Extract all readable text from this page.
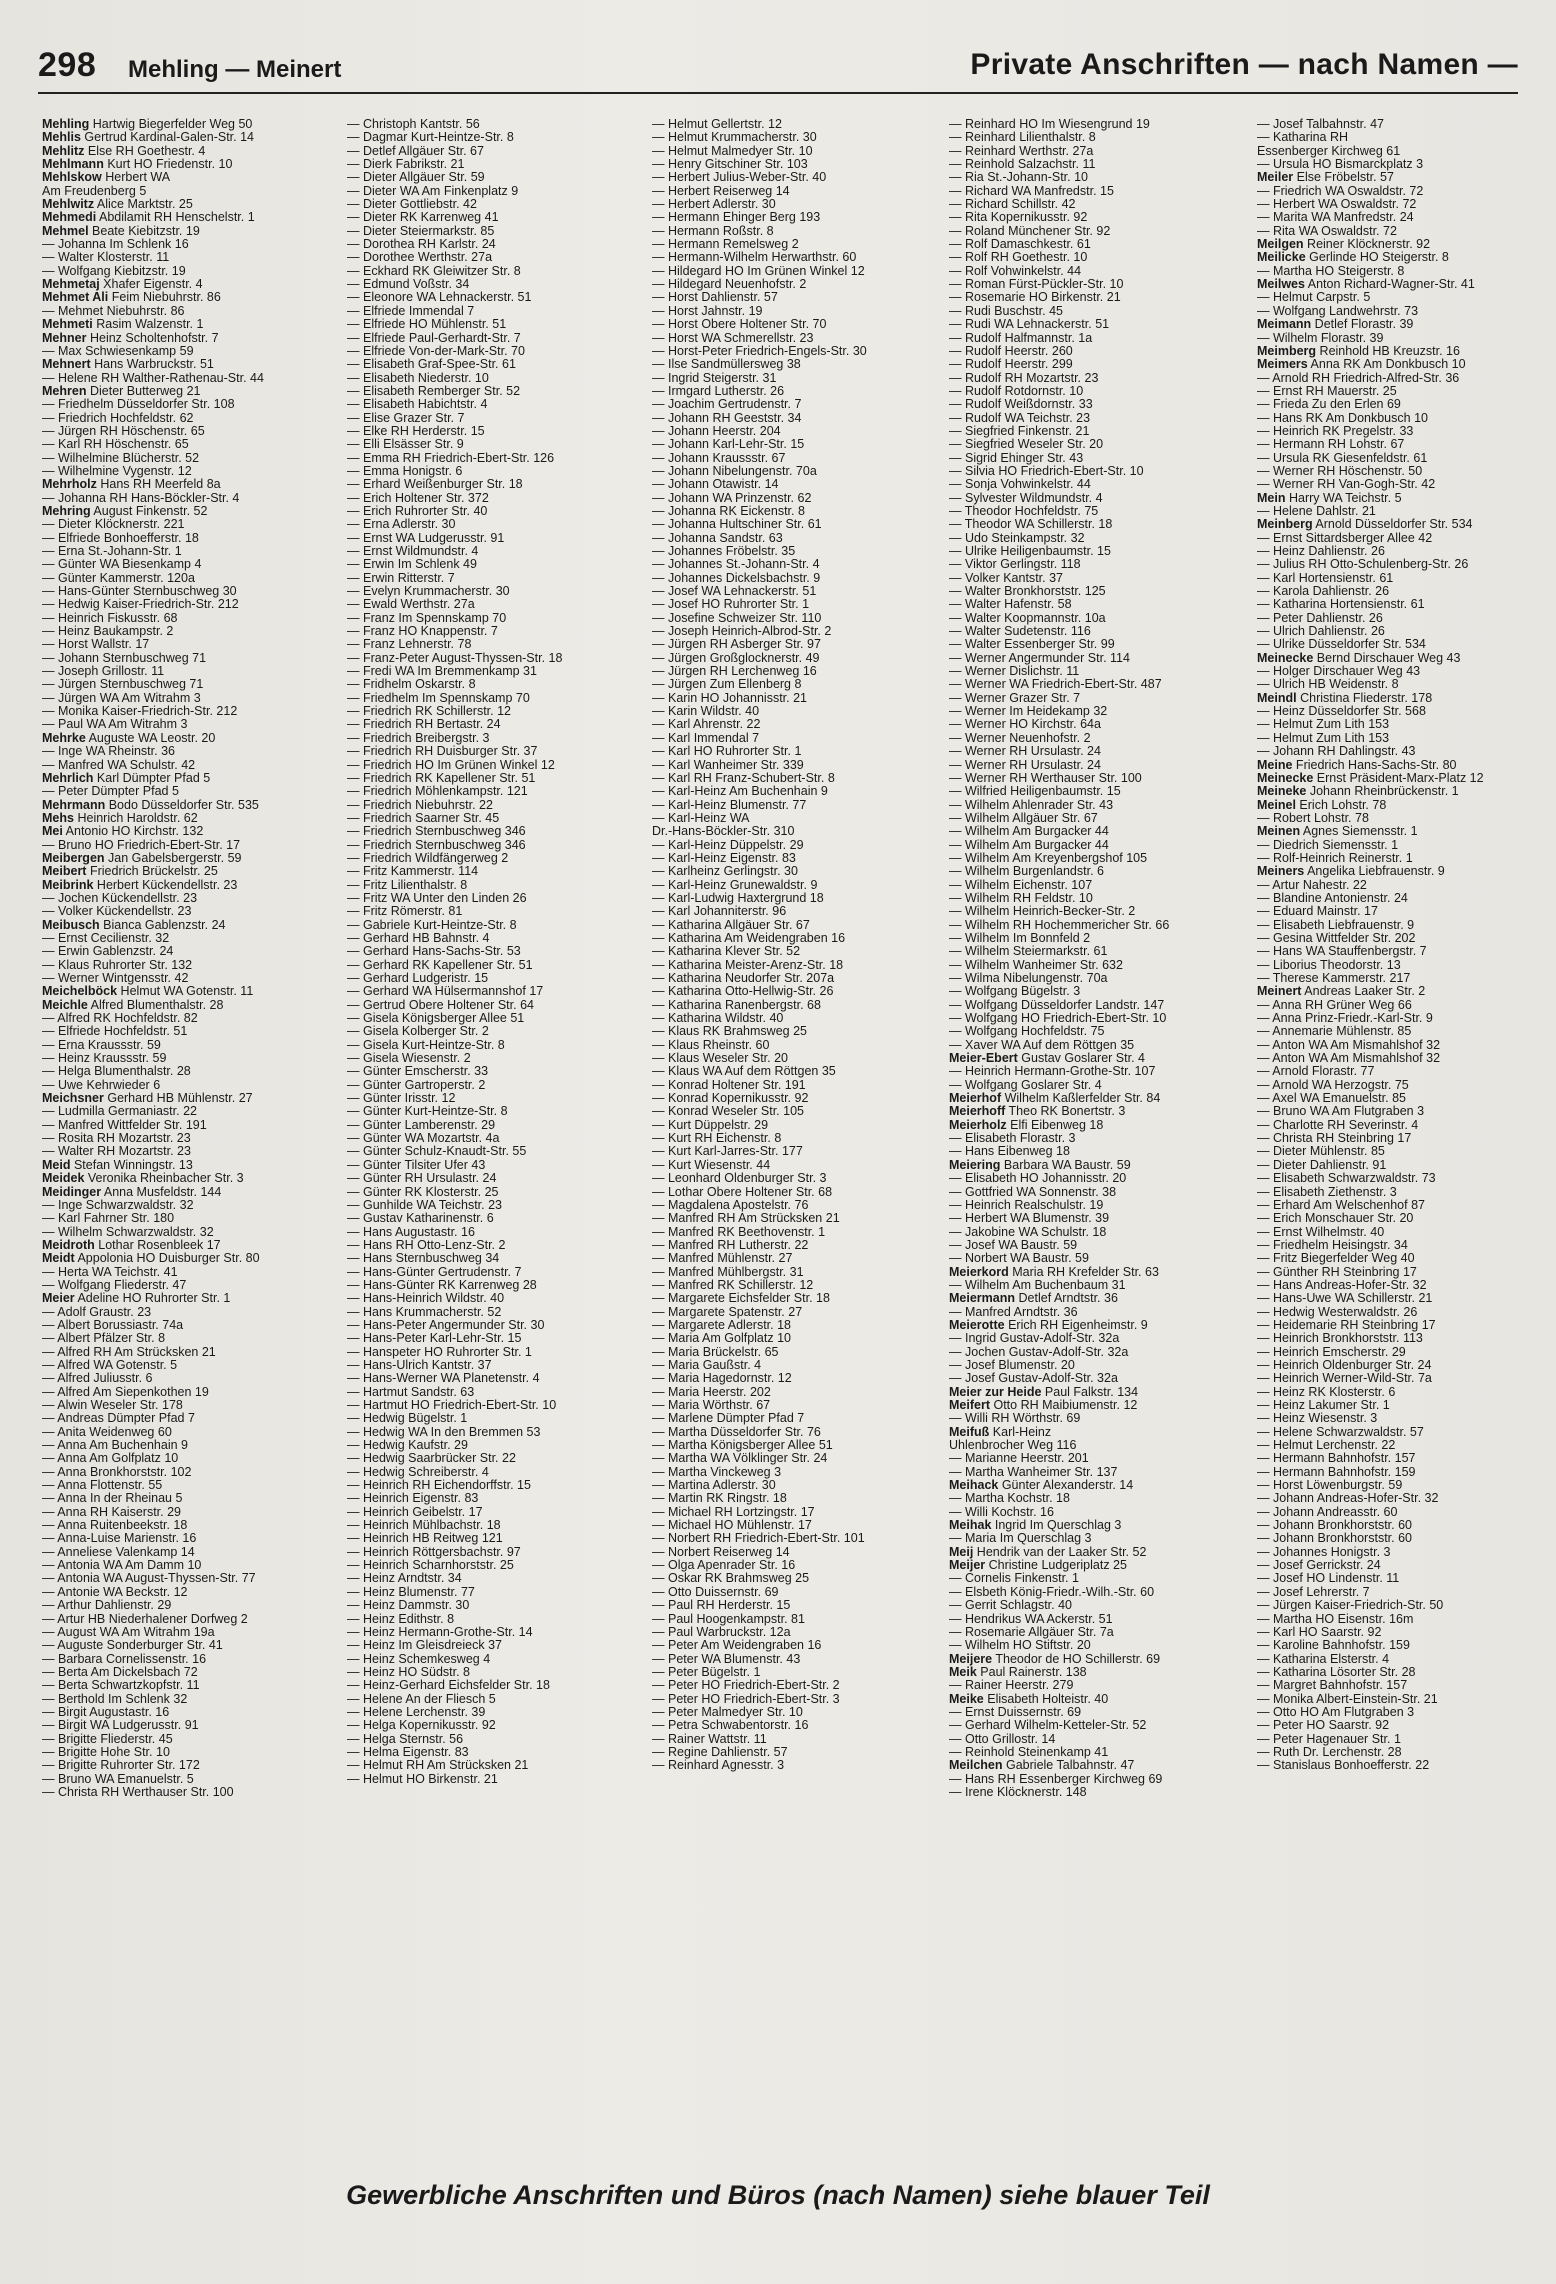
298 Mehling — Meinert	Private Anschriften — nach Namen —
Mehling Hartwig Biegerfelder Weg 50
Mehlis Gertrud Kardinal-Galen-Str. 14
Mehlitz Else RH Goethestr. 4
Mehlmann Kurt HO Friedenstr. 10
Mehlskow Herbert WA
Am Freudenberg 5
Mehlwitz Alice Marktstr. 25
Mehmedi Abdilamit RH Henschelstr. 1
Mehmel Beate Kiebitzstr. 19
— Johanna Im Schlenk 16
— Walter Klosterstr. 11
— Wolfgang Kiebitzstr. 19
Mehmetaj Xhafer Eigenstr. 4
Mehmet Ali Feim Niebuhrstr. 86
— Mehmet Niebuhrstr. 86
Mehmeti Rasim Walzenstr. 1
Mehner Heinz Scholtenhofstr. 7
— Max Schwiesenkamp 59
Mehnert Hans Warbruckstr. 51
— Helene RH Walther-Rathenau-Str. 44
Mehren Dieter Butterweg 21
— Friedhelm Düsseldorfer Str. 108
— Friedrich Hochfeldstr. 62
— Jürgen RH Höschenstr. 65
— Karl RH Höschenstr. 65
— Wilhelmine Blücherstr. 52
— Wilhelmine Vygenstr. 12
Mehrholz Hans RH Meerfeld 8a
— Johanna RH Hans-Böckler-Str. 4
Mehring August Finkenstr. 52
— Dieter Klöcknerstr. 221
— Elfriede Bonhoefferstr. 18
— Erna St.-Johann-Str. 1
— Günter WA Biesenkamp 4
— Günter Kammerstr. 120a
— Hans-Günter Sternbuschweg 30
— Hedwig Kaiser-Friedrich-Str. 212
— Heinrich Fiskusstr. 68
— Heinz Baukampstr. 2
— Horst Wallstr. 17
— Johann Sternbuschweg 71
— Joseph Grillostr. 11
— Jürgen Sternbuschweg 71
— Jürgen WA Am Witrahm 3
— Monika Kaiser-Friedrich-Str. 212
— Paul WA Am Witrahm 3
Mehrke Auguste WA Leostr. 20
— Inge WA Rheinstr. 36
— Manfred WA Schulstr. 42
Mehrlich Karl Dümpter Pfad 5
— Peter Dümpter Pfad 5
Mehrmann Bodo Düsseldorfer Str. 535
Mehs Heinrich Haroldstr. 62
Mei Antonio HO Kirchstr. 132
— Bruno HO Friedrich-Ebert-Str. 17
Meibergen Jan Gabelsbergerstr. 59
Meibert Friedrich Brückelstr. 25
Meibrink Herbert Kückendellstr. 23
— Jochen Kückendellstr. 23
— Volker Kückendellstr. 23
Meibusch Bianca Gablenzstr. 24
— Ernst Cecilienstr. 32
— Erwin Gablenzstr. 24
— Klaus Ruhrorter Str. 132
— Werner Wintgensstr. 42
Meichelböck Helmut WA Gotenstr. 11
Meichle Alfred Blumenthalstr. 28
— Alfred RK Hochfeldstr. 82
— Elfriede Hochfeldstr. 51
— Erna Kraussstr. 59
— Heinz Kraussstr. 59
— Helga Blumenthalstr. 28
— Uwe Kehrwieder 6
Meichsner Gerhard HB Mühlenstr. 27
— Ludmilla Germaniastr. 22
— Manfred Wittfelder Str. 191
— Rosita RH Mozartstr. 23
— Walter RH Mozartstr. 23
Meid Stefan Winningstr. 13
Meidek Veronika Rheinbacher Str. 3
Meidinger Anna Musfeldstr. 144
— Inge Schwarzwaldstr. 32
— Karl Fahrner Str. 180
— Wilhelm Schwarzwaldstr. 32
Meidroth Lothar Rosenbleek 17
Meidt Appolonia HO Duisburger Str. 80
— Herta WA Teichstr. 41
— Wolfgang Fliederstr. 47
Meier Adeline HO Ruhrorter Str. 1
— Adolf Graustr. 23
— Albert Borussiastr. 74a
— Albert Pfälzer Str. 8
— Alfred RH Am Strücksken 21
— Alfred WA Gotenstr. 5
— Alfred Juliusstr. 6
— Alfred Am Siepenkothen 19
— Alwin Weseler Str. 178
— Andreas Dümpter Pfad 7
— Anita Weidenweg 60
— Anna Am Buchenhain 9
— Anna Am Golfplatz 10
— Anna Bronkhorststr. 102
— Anna Flottenstr. 55
— Anna In der Rheinau 5
— Anna RH Kaiserstr. 29
— Anna Ruitenbeekstr. 18
— Anna-Luise Marienstr. 16
— Anneliese Valenkamp 14
— Antonia WA Am Damm 10
— Antonia WA August-Thyssen-Str. 77
— Antonie WA Beckstr. 12
— Arthur Dahlienstr. 29
— Artur HB Niederhalener Dorfweg 2
— August WA Am Witrahm 19a
— Auguste Sonderburger Str. 41
— Barbara Cornelissenstr. 16
— Berta Am Dickelsbach 72
— Berta Schwartzkopfstr. 11
— Berthold Im Schlenk 32
— Birgit Augustastr. 16
— Birgit WA Ludgerusstr. 91
— Brigitte Fliederstr. 45
— Brigitte Hohe Str. 10
— Brigitte Ruhrorter Str. 172
— Bruno WA Emanuelstr. 5
— Christa RH Werthauser Str. 100
— Christoph Kantstr. 56
— Dagmar Kurt-Heintze-Str. 8
— Detlef Allgäuer Str. 67
— Dierk Fabrikstr. 21
— Dieter Allgäuer Str. 59
— Dieter WA Am Finkenplatz 9
— Dieter Gottliebstr. 42
— Dieter RK Karrenweg 41
— Dieter Steiermarkstr. 85
— Dorothea RH Karlstr. 24
— Dorothee Werthstr. 27a
— Eckhard RK Gleiwitzer Str. 8
— Edmund Voßstr. 34
— Eleonore WA Lehnackerstr. 51
— Elfriede Immendal 7
— Elfriede HO Mühlenstr. 51
— Elfriede Paul-Gerhardt-Str. 7
— Elfriede Von-der-Mark-Str. 70
— Elisabeth Graf-Spee-Str. 61
— Elisabeth Niederstr. 10
— Elisabeth Remberger Str. 52
— Elisabeth Habichtstr. 4
— Elise Grazer Str. 7
— Elke RH Herderstr. 15
— Elli Elsässer Str. 9
— Emma RH Friedrich-Ebert-Str. 126
— Emma Honigstr. 6
— Erhard Weißenburger Str. 18
— Erich Holtener Str. 372
— Erich Ruhrorter Str. 40
— Erna Adlerstr. 30
— Ernst WA Ludgerusstr. 91
— Ernst Wildmundstr. 4
— Erwin Im Schlenk 49
— Erwin Ritterstr. 7
— Evelyn Krummacherstr. 30
— Ewald Werthstr. 27a
— Franz Im Spennskamp 70
— Franz HO Knappenstr. 7
— Franz Lehnerstr. 78
— Franz-Peter August-Thyssen-Str. 18
— Fredi WA Im Bremmenkamp 31
— Fridhelm Oskarstr. 8
— Friedhelm Im Spennskamp 70
— Friedrich RK Schillerstr. 12
— Friedrich RH Bertastr. 24
— Friedrich Breibergstr. 3
— Friedrich RH Duisburger Str. 37
— Friedrich HO Im Grünen Winkel 12
— Friedrich RK Kapellener Str. 51
— Friedrich Möhlenkampstr. 121
— Friedrich Niebuhrstr. 22
— Friedrich Saarner Str. 45
— Friedrich Sternbuschweg 346
— Friedrich Sternbuschweg 346
— Friedrich Wildfängerweg 2
— Fritz Kammerstr. 114
— Fritz Lilienthalstr. 8
— Fritz WA Unter den Linden 26
— Fritz Römerstr. 81
— Gabriele Kurt-Heintze-Str. 8
— Gerhard HB Bahnstr. 4
— Gerhard Hans-Sachs-Str. 53
— Gerhard RK Kapellener Str. 51
— Gerhard Ludgeristr. 15
— Gerhard WA Hülsermannshof 17
— Gertrud Obere Holtener Str. 64
— Gisela Königsberger Allee 51
— Gisela Kolberger Str. 2
— Gisela Kurt-Heintze-Str. 8
— Gisela Wiesenstr. 2
— Günter Emscherstr. 33
— Günter Gartroperstr. 2
— Günter Irisstr. 12
— Günter Kurt-Heintze-Str. 8
— Günter Lamberenstr. 29
— Günter WA Mozartstr. 4a
— Günter Schulz-Knaudt-Str. 55
— Günter Tilsiter Ufer 43
— Günter RH Ursulastr. 24
— Günter RK Klosterstr. 25
— Gunhilde WA Teichstr. 23
— Gustav Katharinenstr. 6
— Hans Augustastr. 16
— Hans RH Otto-Lenz-Str. 2
— Hans Sternbuschweg 34
— Hans-Günter Gertrudenstr. 7
— Hans-Günter RK Karrenweg 28
— Hans-Heinrich Wildstr. 40
— Hans Krummacherstr. 52
— Hans-Peter Angermunder Str. 30
— Hans-Peter Karl-Lehr-Str. 15
— Hanspeter HO Ruhrorter Str. 1
— Hans-Ulrich Kantstr. 37
— Hans-Werner WA Planetenstr. 4
— Hartmut Sandstr. 63
— Hartmut HO Friedrich-Ebert-Str. 10
— Hedwig Bügelstr. 1
— Hedwig WA In den Bremmen 53
— Hedwig Kaufstr. 29
— Hedwig Saarbrücker Str. 22
— Hedwig Schreiberstr. 4
— Heinrich RH Eichendorffstr. 15
— Heinrich Eigenstr. 83
— Heinrich Geibelstr. 17
— Heinrich Mühlbachstr. 18
— Heinrich HB Reitweg 121
— Heinrich Röttgersbachstr. 97
— Heinrich Scharnhorststr. 25
— Heinz Arndtstr. 34
— Heinz Blumenstr. 77
— Heinz Dammstr. 30
— Heinz Edithstr. 8
— Heinz Hermann-Grothe-Str. 14
— Heinz Im Gleisdreieck 37
— Heinz Schemkesweg 4
— Heinz HO Südstr. 8
— Heinz-Gerhard Eichsfelder Str. 18
— Helene An der Fliesch 5
— Helene Lerchenstr. 39
— Helga Kopernikusstr. 92
— Helga Sternstr. 56
— Helma Eigenstr. 83
— Helmut RH Am Strücksken 21
— Helmut HO Birkenstr. 21
— Helmut Gellertstr. 12
— Helmut Krummacherstr. 30
— Helmut Malmedyer Str. 10
— Henry Gitschiner Str. 103
— Herbert Julius-Weber-Str. 40
— Herbert Reiserweg 14
— Herbert Adlerstr. 30
— Hermann Ehinger Berg 193
— Hermann Roßstr. 8
— Hermann Remelsweg 2
— Hermann-Wilhelm Herwarthstr. 60
— Hildegard HO Im Grünen Winkel 12
— Hildegard Neuenhofstr. 2
— Horst Dahlienstr. 57
— Horst Jahnstr. 19
— Horst Obere Holtener Str. 70
— Horst WA Schmerellstr. 23
— Horst-Peter Friedrich-Engels-Str. 30
— Ilse Sandmüllersweg 38
— Ingrid Steigerstr. 31
— Irmgard Lutherstr. 26
— Joachim Gertrudenstr. 7
— Johann RH Geeststr. 34
— Johann Heerstr. 204
— Johann Karl-Lehr-Str. 15
— Johann Kraussstr. 67
— Johann Nibelungenstr. 70a
— Johann Otawistr. 14
— Johann WA Prinzenstr. 62
— Johanna RK Eickenstr. 8
— Johanna Hultschiner Str. 61
— Johanna Sandstr. 63
— Johannes Fröbelstr. 35
— Johannes St.-Johann-Str. 4
— Johannes Dickelsbachstr. 9
— Josef WA Lehnackerstr. 51
— Josef HO Ruhrorter Str. 1
— Josefine Schweizer Str. 110
— Joseph Heinrich-Albrod-Str. 2
— Jürgen RH Asberger Str. 97
— Jürgen Großglocknerstr. 49
— Jürgen RH Lerchenweg 16
— Jürgen Zum Ellenberg 8
— Karin HO Johannisstr. 21
— Karin Wildstr. 40
— Karl Ahrenstr. 22
— Karl Immendal 7
— Karl HO Ruhrorter Str. 1
— Karl Wanheimer Str. 339
— Karl RH Franz-Schubert-Str. 8
— Karl-Heinz Am Buchenhain 9
— Karl-Heinz Blumenstr. 77
— Karl-Heinz WA
Dr.-Hans-Böckler-Str. 310
— Karl-Heinz Düppelstr. 29
— Karl-Heinz Eigenstr. 83
— Karlheinz Gerlingstr. 30
— Karl-Heinz Grunewaldstr. 9
— Karl-Ludwig Haxtergrund 18
— Karl Johanniterstr. 96
— Katharina Allgäuer Str. 67
— Katharina Am Weidengraben 16
— Katharina Klever Str. 52
— Katharina Meister-Arenz-Str. 18
— Katharina Neudorfer Str. 207a
— Katharina Otto-Hellwig-Str. 26
— Katharina Ranenbergstr. 68
— Katharina Wildstr. 40
— Klaus RK Brahmsweg 25
— Klaus Rheinstr. 60
— Klaus Weseler Str. 20
— Klaus WA Auf dem Röttgen 35
— Konrad Holtener Str. 191
— Konrad Kopernikusstr. 92
— Konrad Weseler Str. 105
— Kurt Düppelstr. 29
— Kurt RH Eichenstr. 8
— Kurt Karl-Jarres-Str. 177
— Kurt Wiesenstr. 44
— Leonhard Oldenburger Str. 3
— Lothar Obere Holtener Str. 68
— Magdalena Apostelstr. 76
— Manfred RH Am Strücksken 21
— Manfred RK Beethovenstr. 1
— Manfred RH Lutherstr. 22
— Manfred Mühlenstr. 27
— Manfred Mühlbergstr. 31
— Manfred RK Schillerstr. 12
— Margarete Eichsfelder Str. 18
— Margarete Spatenstr. 27
— Margarete Adlerstr. 18
— Maria Am Golfplatz 10
— Maria Brückelstr. 65
— Maria Gaußstr. 4
— Maria Hagedornstr. 12
— Maria Heerstr. 202
— Maria Wörthstr. 67
— Marlene Dümpter Pfad 7
— Martha Düsseldorfer Str. 76
— Martha Königsberger Allee 51
— Martha WA Völklinger Str. 24
— Martha Vinckeweg 3
— Martina Adlerstr. 30
— Martin RK Ringstr. 18
— Michael RH Lortzingstr. 17
— Michael HO Mühlenstr. 17
— Norbert RH Friedrich-Ebert-Str. 101
— Norbert Reiserweg 14
— Olga Apenrader Str. 16
— Oskar RK Brahmsweg 25
— Otto Duissernstr. 69
— Paul RH Herderstr. 15
— Paul Hoogenkampstr. 81
— Paul Warbruckstr. 12a
— Peter Am Weidengraben 16
— Peter WA Blumenstr. 43
— Peter Bügelstr. 1
— Peter HO Friedrich-Ebert-Str. 2
— Peter HO Friedrich-Ebert-Str. 3
— Peter Malmedyer Str. 10
— Petra Schwabentorstr. 16
— Rainer Wattstr. 11
— Regine Dahlienstr. 57
— Reinhard Agnesstr. 3
— Reinhard HO Im Wiesengrund 19
— Reinhard Lilienthalstr. 8
— Reinhard Werthstr. 27a
— Reinhold Salzachstr. 11
— Ria St.-Johann-Str. 10
— Richard WA Manfredstr. 15
— Richard Schillstr. 42
— Rita Kopernikusstr. 92
— Roland Münchener Str. 92
— Rolf Damaschkestr. 61
— Rolf RH Goethestr. 10
— Rolf Vohwinkelstr. 44
— Roman Fürst-Pückler-Str. 10
— Rosemarie HO Birkenstr. 21
— Rudi Buschstr. 45
— Rudi WA Lehnackerstr. 51
— Rudolf Halfmannstr. 1a
— Rudolf Heerstr. 260
— Rudolf Heerstr. 299
— Rudolf RH Mozartstr. 23
— Rudolf Rotdornstr. 10
— Rudolf Weißdornstr. 33
— Rudolf WA Teichstr. 23
— Siegfried Finkenstr. 21
— Siegfried Weseler Str. 20
— Sigrid Ehinger Str. 43
— Silvia HO Friedrich-Ebert-Str. 10
— Sonja Vohwinkelstr. 44
— Sylvester Wildmundstr. 4
— Theodor Hochfeldstr. 75
— Theodor WA Schillerstr. 18
— Udo Steinkampstr. 32
— Ulrike Heiligenbaumstr. 15
— Viktor Gerlingstr. 118
— Volker Kantstr. 37
— Walter Bronkhorststr. 125
— Walter Hafenstr. 58
— Walter Koopmannstr. 10a
— Walter Sudetenstr. 116
— Walter Essenberger Str. 99
— Werner Angermunder Str. 114
— Werner Dislichstr. 11
— Werner WA Friedrich-Ebert-Str. 487
— Werner Grazer Str. 7
— Werner Im Heidekamp 32
— Werner HO Kirchstr. 64a
— Werner Neuenhofstr. 2
— Werner RH Ursulastr. 24
— Werner RH Ursulastr. 24
— Werner RH Werthauser Str. 100
— Wilfried Heiligenbaumstr. 15
— Wilhelm Ahlenrader Str. 43
— Wilhelm Allgäuer Str. 67
— Wilhelm Am Burgacker 44
— Wilhelm Am Burgacker 44
— Wilhelm Am Kreyenbergshof 105
— Wilhelm Burgenlandstr. 6
— Wilhelm Eichenstr. 107
— Wilhelm RH Feldstr. 10
— Wilhelm Heinrich-Becker-Str. 2
— Wilhelm RH Hochemmericher Str. 66
— Wilhelm Im Bonnfeld 2
— Wilhelm Steiermarkstr. 61
— Wilhelm Wanheimer Str. 632
— Wilma Nibelungenstr. 70a
— Wolfgang Bügelstr. 3
— Wolfgang Düsseldorfer Landstr. 147
— Wolfgang HO Friedrich-Ebert-Str. 10
— Wolfgang Hochfeldstr. 75
— Xaver WA Auf dem Röttgen 35
Meier-Ebert Gustav Goslarer Str. 4
— Heinrich Hermann-Grothe-Str. 107
— Wolfgang Goslarer Str. 4
Meierhof Wilhelm Kaßlerfelder Str. 84
Meierhoff Theo RK Bonertstr. 3
Meierholz Elfi Eibenweg 18
— Elisabeth Florastr. 3
— Hans Eibenweg 18
Meiering Barbara WA Baustr. 59
— Elisabeth HO Johannisstr. 20
— Gottfried WA Sonnenstr. 38
— Heinrich Realschulstr. 19
— Herbert WA Blumenstr. 39
— Jakobine WA Schulstr. 18
— Josef WA Baustr. 59
— Norbert WA Baustr. 59
Meierkord Maria RH Krefelder Str. 63
— Wilhelm Am Buchenbaum 31
Meiermann Detlef Arndtstr. 36
— Manfred Arndtstr. 36
Meierotte Erich RH Eigenheimstr. 9
— Ingrid Gustav-Adolf-Str. 32a
— Jochen Gustav-Adolf-Str. 32a
— Josef Blumenstr. 20
— Josef Gustav-Adolf-Str. 32a
Meier zur Heide Paul Falkstr. 134
Meifert Otto RH Maibiumenstr. 12
— Willi RH Wörthstr. 69
Meifuß Karl-Heinz
Uhlenbrocher Weg 116
— Marianne Heerstr. 201
— Martha Wanheimer Str. 137
Meihack Günter Alexanderstr. 14
— Martha Kochstr. 18
— Willi Kochstr. 16
Meihak Ingrid Im Querschlag 3
— Maria Im Querschlag 3
Meij Hendrik van der Laaker Str. 52
Meijer Christine Ludgeriplatz 25
— Cornelis Finkenstr. 1
— Elsbeth König-Friedr.-Wilh.-Str. 60
— Gerrit Schlagstr. 40
— Hendrikus WA Ackerstr. 51
— Rosemarie Allgäuer Str. 7a
— Wilhelm HO Stiftstr. 20
Meijere Theodor de HO Schillerstr. 69
Meik Paul Rainerstr. 138
— Rainer Heerstr. 279
Meike Elisabeth Holteistr. 40
— Ernst Duissernstr. 69
— Gerhard Wilhelm-Ketteler-Str. 52
— Otto Grillostr. 14
— Reinhold Steinenkamp 41
Meilchen Gabriele Talbahnstr. 47
— Hans RH Essenberger Kirchweg 69
— Irene Klöcknerstr. 148
— Josef Talbahnstr. 47
— Katharina RH
Essenberger Kirchweg 61
— Ursula HO Bismarckplatz 3
Meiler Else Fröbelstr. 57
— Friedrich WA Oswaldstr. 72
— Herbert WA Oswaldstr. 72
— Marita WA Manfredstr. 24
— Rita WA Oswaldstr. 72
Meilgen Reiner Klöcknerstr. 92
Meilicke Gerlinde HO Steigerstr. 8
— Martha HO Steigerstr. 8
Meilwes Anton Richard-Wagner-Str. 41
— Helmut Carpstr. 5
— Wolfgang Landwehrstr. 73
Meimann Detlef Florastr. 39
— Wilhelm Florastr. 39
Meimberg Reinhold HB Kreuzstr. 16
Meimers Anna RK Am Donkbusch 10
— Arnold RH Friedrich-Alfred-Str. 36
— Ernst RH Mauerstr. 25
— Frieda Zu den Erlen 69
— Hans RK Am Donkbusch 10
— Heinrich RK Pregelstr. 33
— Hermann RH Lohstr. 67
— Ursula RK Giesenfeldstr. 61
— Werner RH Höschenstr. 50
— Werner RH Van-Gogh-Str. 42
Mein Harry WA Teichstr. 5
— Helene Dahlstr. 21
Meinberg Arnold Düsseldorfer Str. 534
— Ernst Sittardsberger Allee 42
— Heinz Dahlienstr. 26
— Julius RH Otto-Schulenberg-Str. 26
— Karl Hortensienstr. 61
— Karola Dahlienstr. 26
— Katharina Hortensienstr. 61
— Peter Dahlienstr. 26
— Ulrich Dahlienstr. 26
— Ulrike Düsseldorfer Str. 534
Meinecke Bernd Dirschauer Weg 43
— Holger Dirschauer Weg 43
— Ulrich HB Weidenstr. 8
Meindl Christina Fliederstr. 178
— Heinz Düsseldorfer Str. 568
— Helmut Zum Lith 153
— Helmut Zum Lith 153
— Johann RH Dahlingstr. 43
Meine Friedrich Hans-Sachs-Str. 80
Meinecke Ernst Präsident-Marx-Platz 12
Meineke Johann Rheinbrückenstr. 1
Meinel Erich Lohstr. 78
— Robert Lohstr. 78
Meinen Agnes Siemensstr. 1
— Diedrich Siemensstr. 1
— Rolf-Heinrich Reinerstr. 1
Meiners Angelika Liebfrauenstr. 9
— Artur Nahestr. 22
— Blandine Antonienstr. 24
— Eduard Mainstr. 17
— Elisabeth Liebfrauenstr. 9
— Gesina Wittfelder Str. 202
— Hans WA Stauffenbergstr. 7
— Liborius Theodorstr. 13
— Therese Kammerstr. 217
Meinert Andreas Laaker Str. 2
— Anna RH Grüner Weg 66
— Anna Prinz-Friedr.-Karl-Str. 9
— Annemarie Mühlenstr. 85
— Anton WA Am Mismahlshof 32
— Anton WA Am Mismahlshof 32
— Arnold Florastr. 77
— Arnold WA Herzogstr. 75
— Axel WA Emanuelstr. 85
— Bruno WA Am Flutgraben 3
— Charlotte RH Severinstr. 4
— Christa RH Steinbring 17
— Dieter Mühlenstr. 85
— Dieter Dahlienstr. 91
— Elisabeth Schwarzwaldstr. 73
— Elisabeth Ziethenstr. 3
— Erhard Am Welschenhof 87
— Erich Monschauer Str. 20
— Ernst Wilhelmstr. 40
— Friedhelm Heisingstr. 34
— Fritz Biegerfelder Weg 40
— Günther RH Steinbring 17
— Hans Andreas-Hofer-Str. 32
— Hans-Uwe WA Schillerstr. 21
— Hedwig Westerwaldstr. 26
— Heidemarie RH Steinbring 17
— Heinrich Bronkhorststr. 113
— Heinrich Emscherstr. 29
— Heinrich Oldenburger Str. 24
— Heinrich Werner-Wild-Str. 7a
— Heinz RK Klosterstr. 6
— Heinz Lakumer Str. 1
— Heinz Wiesenstr. 3
— Helene Schwarzwaldstr. 57
— Helmut Lerchenstr. 22
— Hermann Bahnhofstr. 157
— Hermann Bahnhofstr. 159
— Horst Löwenburgstr. 59
— Johann Andreas-Hofer-Str. 32
— Johann Andreasstr. 60
— Johann Bronkhorststr. 60
— Johann Bronkhorststr. 60
— Johannes Honigstr. 3
— Josef Gerrickstr. 24
— Josef HO Lindenstr. 11
— Josef Lehrerstr. 7
— Jürgen Kaiser-Friedrich-Str. 50
— Martha HO Eisenstr. 16m
— Karl HO Saarstr. 92
— Karoline Bahnhofstr. 159
— Katharina Elsterstr. 4
— Katharina Lösorter Str. 28
— Margret Bahnhofstr. 157
— Monika Albert-Einstein-Str. 21
— Otto HO Am Flutgraben 3
— Peter HO Saarstr. 92
— Peter Hagenauer Str. 1
— Ruth Dr. Lerchenstr. 28
— Stanislaus Bonhoefferstr. 22
Gewerbliche Anschriften und Büros (nach Namen) siehe blauer Teil
